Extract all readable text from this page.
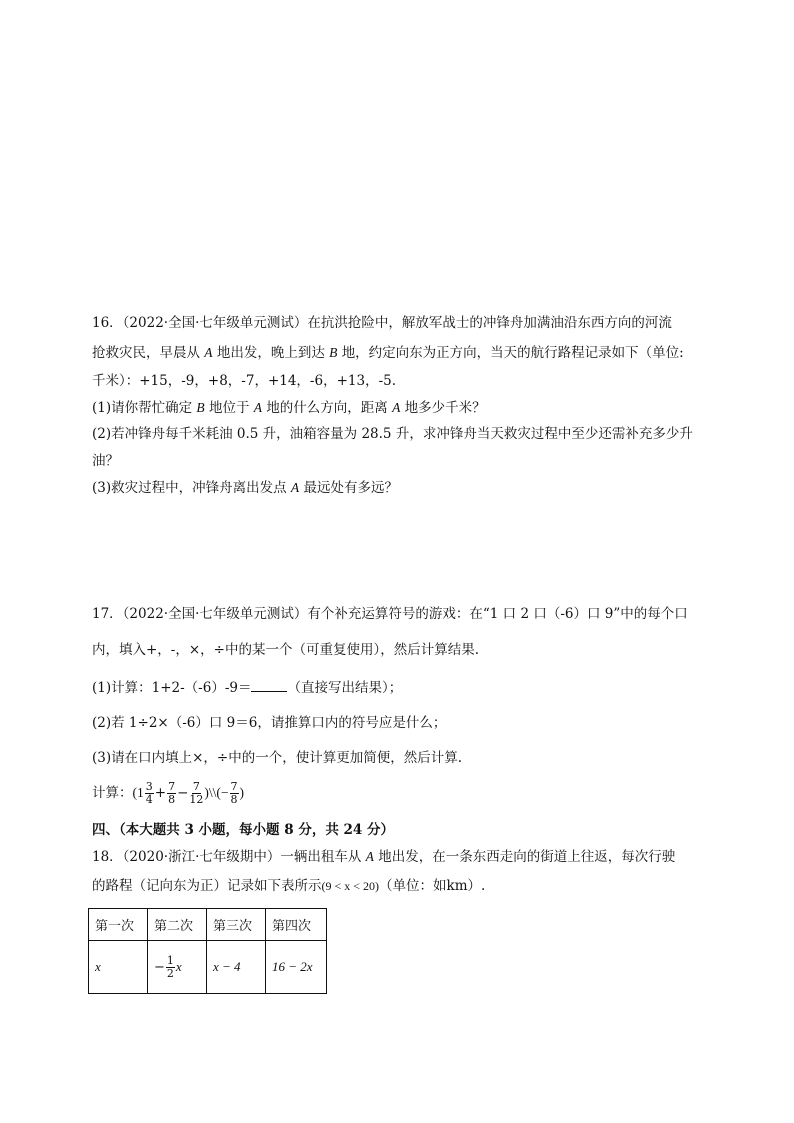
16．（2022·全国·七年级单元测试）在抗洪抢险中，解放军战士的冲锋舟加满油沿东西方向的河流
抢救灾民，早晨从 A 地出发，晚上到达 B 地，约定向东为正方向，当天的航行路程记录如下（单位:
千米）：+15，-9，+8，-7，+14，-6，+13，-5.
(1)请你帮忙确定 B 地位于 A 地的什么方向，距离 A 地多少千米？
(2)若冲锋舟每千米耗油 0.5 升，油箱容量为 28.5 升，求冲锋舟当天救灾过程中至少还需补充多少升
油？
(3)救灾过程中，冲锋舟离出发点 A 最远处有多远？
17．（2022·全国·七年级单元测试）有个补充运算符号的游戏：在“1 口 2 口（-6）口 9”中的每个口
内，填入+，-，×，÷中的某一个（可重复使用），然后计算结果.
(1)计算：1+2-（-6）-9＝	（直接写出结果）；
(2)若 1÷2×（-6）口 9＝6，请推算口内的符号应是什么；
(3)请在口内填上×，÷中的一个，使计算更加简便，然后计算.
计算：($1 \frac{3}{4} + \frac{7}{8} - \frac{7}{12}$ )\\(− $\frac{7}{8}$ )
四、（本大题共 3 小题，每小题 8 分，共 24 分）
18．（2020·浙江·七年级期中）一辆出租车从 A 地出发，在一条东西走向的街道上往返，每次行驶
的路程（记向东为正）记录如下表所示(9 < x < 20)（单位：如km）.
第一次	第二次	第三次	第四次
x	− $\frac{1}{2}$ x	x − 4	16 − 2x
